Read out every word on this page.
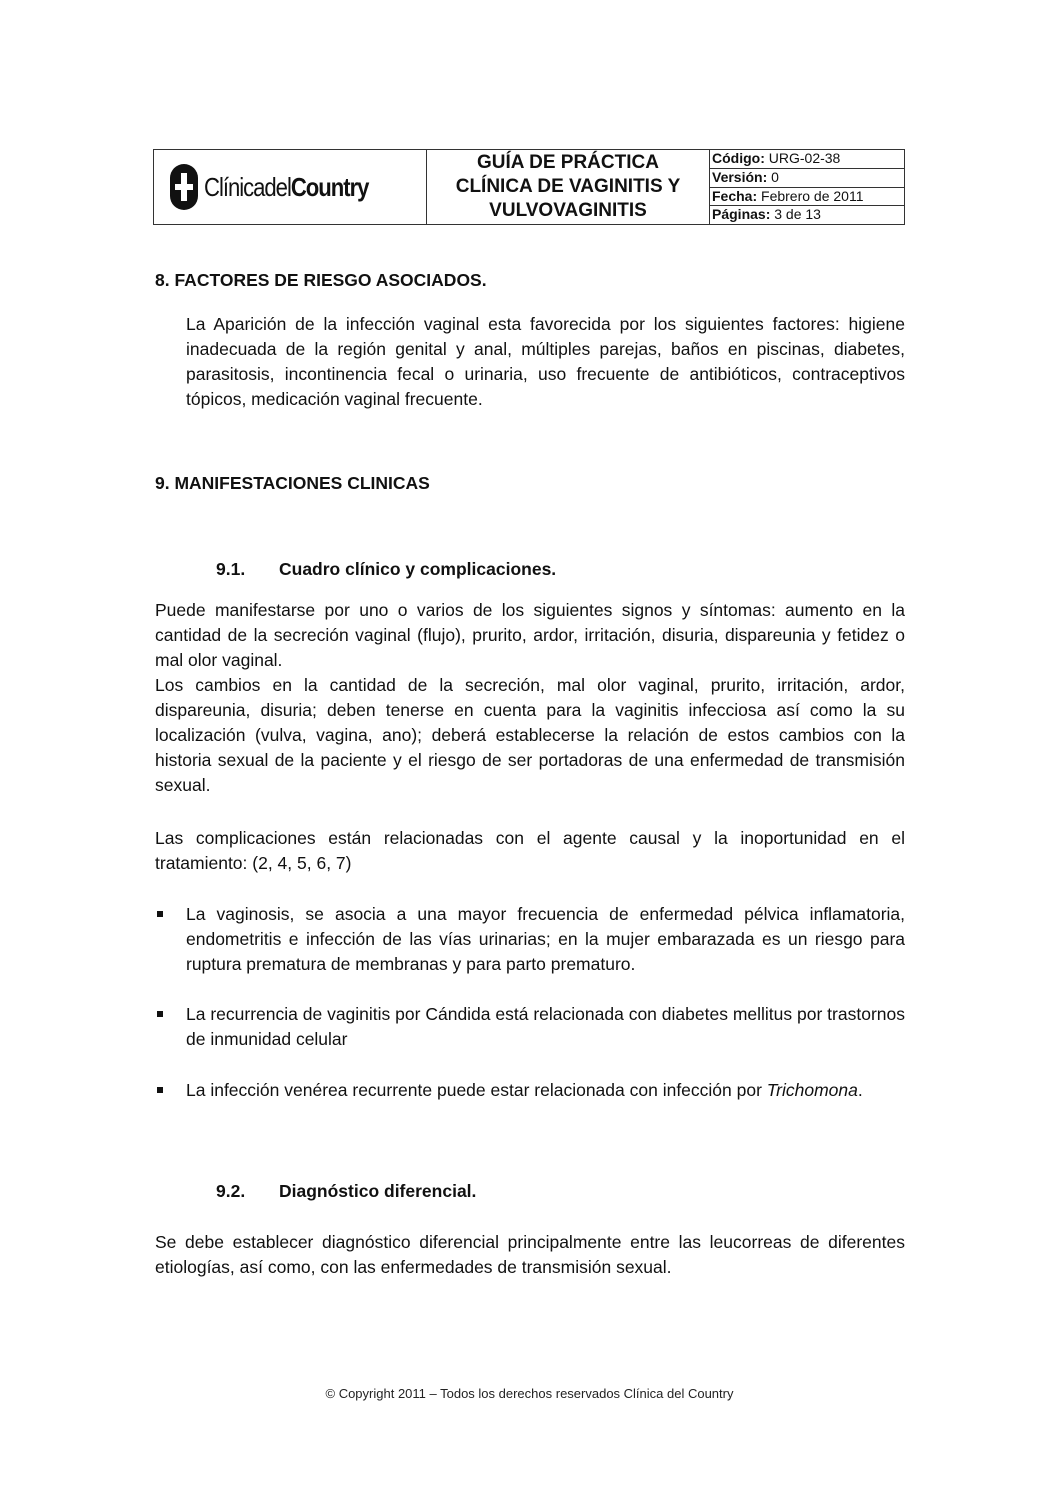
ClínicadelCountry
GUÍA DE PRÁCTICA
CLÍNICA DE VAGINITIS Y
VULVOVAGINITIS
Código: URG-02-38
Versión: 0
Fecha: Febrero de 2011
Páginas: 3 de 13
8. FACTORES DE RIESGO ASOCIADOS.
La Aparición de la infección vaginal esta favorecida por los siguientes factores: higiene inadecuada de la región genital y anal, múltiples parejas, baños en piscinas, diabetes, parasitosis, incontinencia fecal o urinaria, uso frecuente de antibióticos, contraceptivos tópicos, medicación vaginal frecuente.
9. MANIFESTACIONES CLINICAS
9.1. Cuadro clínico y complicaciones.
Puede manifestarse por uno o varios de los siguientes signos y síntomas: aumento en la cantidad de la secreción vaginal (flujo), prurito, ardor, irritación, disuria, dispareunia y fetidez o mal olor vaginal.
Los cambios en la cantidad de la secreción, mal olor vaginal, prurito, irritación, ardor, dispareunia, disuria; deben tenerse en cuenta para la vaginitis infecciosa así como la su localización (vulva, vagina, ano); deberá establecerse la relación de estos cambios con la historia sexual de la paciente y el riesgo de ser portadoras de una enfermedad de transmisión sexual.
Las complicaciones están relacionadas con el agente causal y la inoportunidad en el tratamiento: (2, 4, 5, 6, 7)
La vaginosis, se asocia a una mayor frecuencia de enfermedad pélvica inflamatoria, endometritis e infección de las vías urinarias; en la mujer embarazada es un riesgo para ruptura prematura de membranas y para parto prematuro.
La recurrencia de vaginitis por Cándida está relacionada con diabetes mellitus por trastornos de inmunidad celular
La infección venérea recurrente puede estar relacionada con infección por Trichomona.
9.2. Diagnóstico diferencial.
Se debe establecer diagnóstico diferencial principalmente entre las leucorreas de diferentes etiologías, así como, con las enfermedades de transmisión sexual.
© Copyright 2011 – Todos los derechos reservados Clínica del Country
